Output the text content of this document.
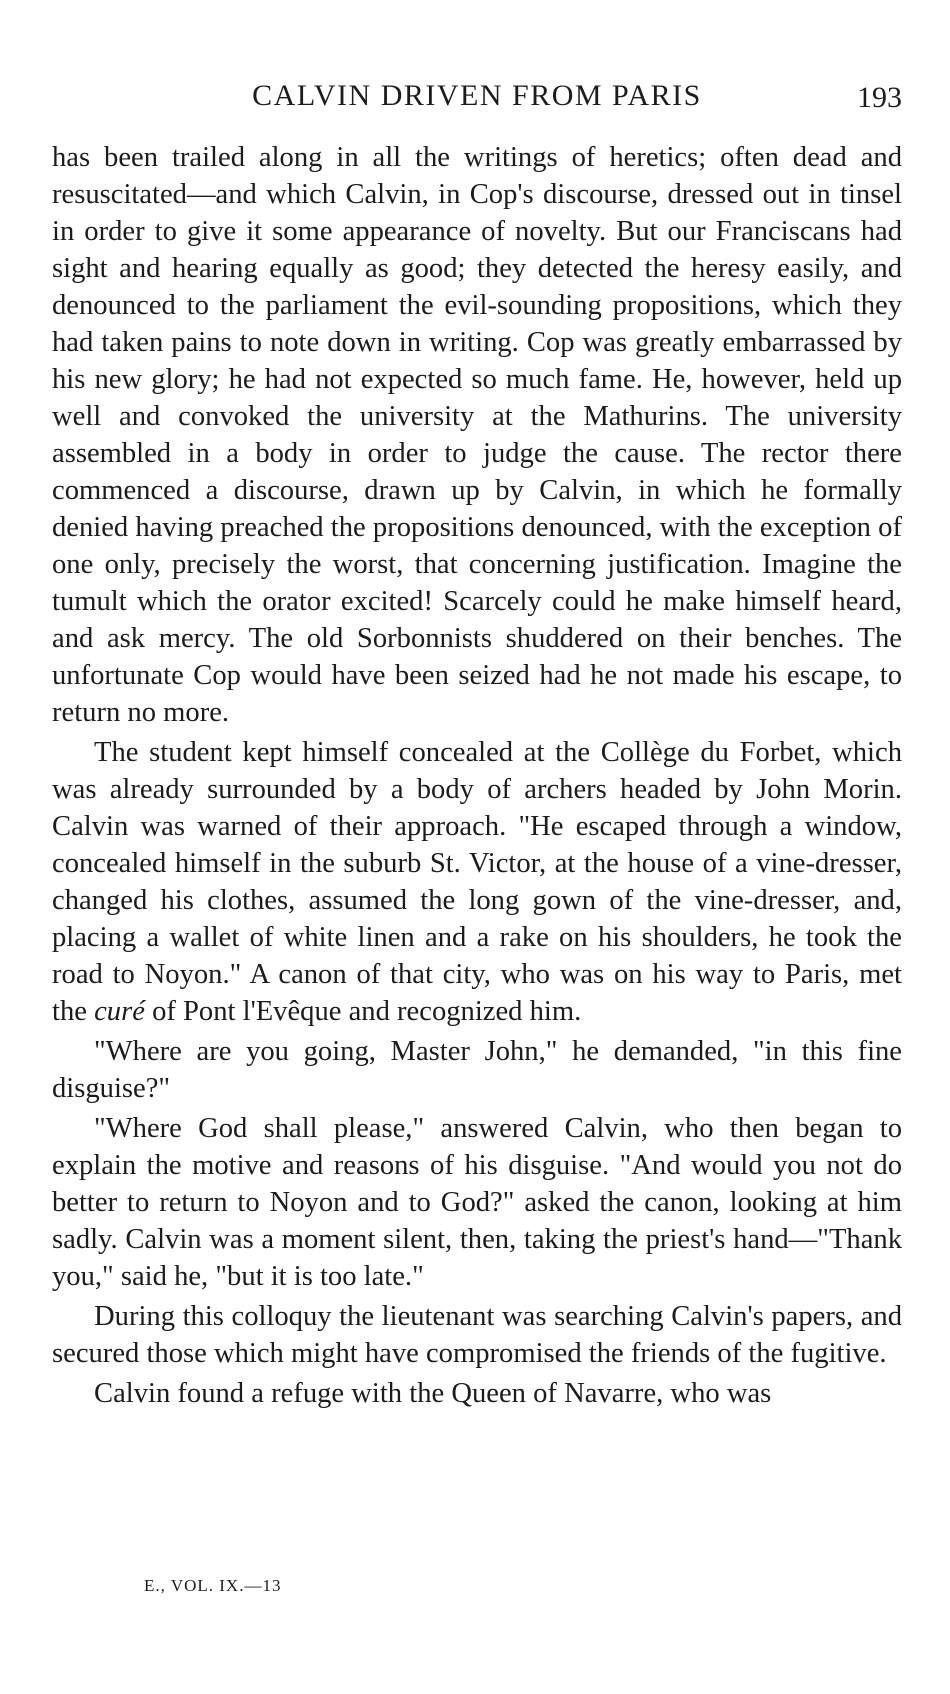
CALVIN DRIVEN FROM PARIS	193

has been trailed along in all the writings of heretics; often dead and resuscitated—and which Calvin, in Cop's discourse, dressed out in tinsel in order to give it some appearance of novelty. But our Franciscans had sight and hearing equally as good; they detected the heresy easily, and denounced to the parliament the evil-sounding propositions, which they had taken pains to note down in writing. Cop was greatly embarrassed by his new glory; he had not expected so much fame. He, however, held up well and convoked the university at the Mathurins. The university assembled in a body in order to judge the cause. The rector there commenced a discourse, drawn up by Calvin, in which he formally denied having preached the propositions denounced, with the exception of one only, precisely the worst, that concerning justification. Imagine the tumult which the orator excited! Scarcely could he make himself heard, and ask mercy. The old Sorbonnists shuddered on their benches. The unfortunate Cop would have been seized had he not made his escape, to return no more.

The student kept himself concealed at the Collège du Forbet, which was already surrounded by a body of archers headed by John Morin. Calvin was warned of their approach. "He escaped through a window, concealed himself in the suburb St. Victor, at the house of a vine-dresser, changed his clothes, assumed the long gown of the vine-dresser, and, placing a wallet of white linen and a rake on his shoulders, he took the road to Noyon." A canon of that city, who was on his way to Paris, met the curé of Pont l'Evêque and recognized him.

"Where are you going, Master John," he demanded, "in this fine disguise?"

"Where God shall please," answered Calvin, who then began to explain the motive and reasons of his disguise. "And would you not do better to return to Noyon and to God?" asked the canon, looking at him sadly. Calvin was a moment silent, then, taking the priest's hand—"Thank you," said he, "but it is too late."

During this colloquy the lieutenant was searching Calvin's papers, and secured those which might have compromised the friends of the fugitive.

Calvin found a refuge with the Queen of Navarre, who was

E., VOL. IX.—13
